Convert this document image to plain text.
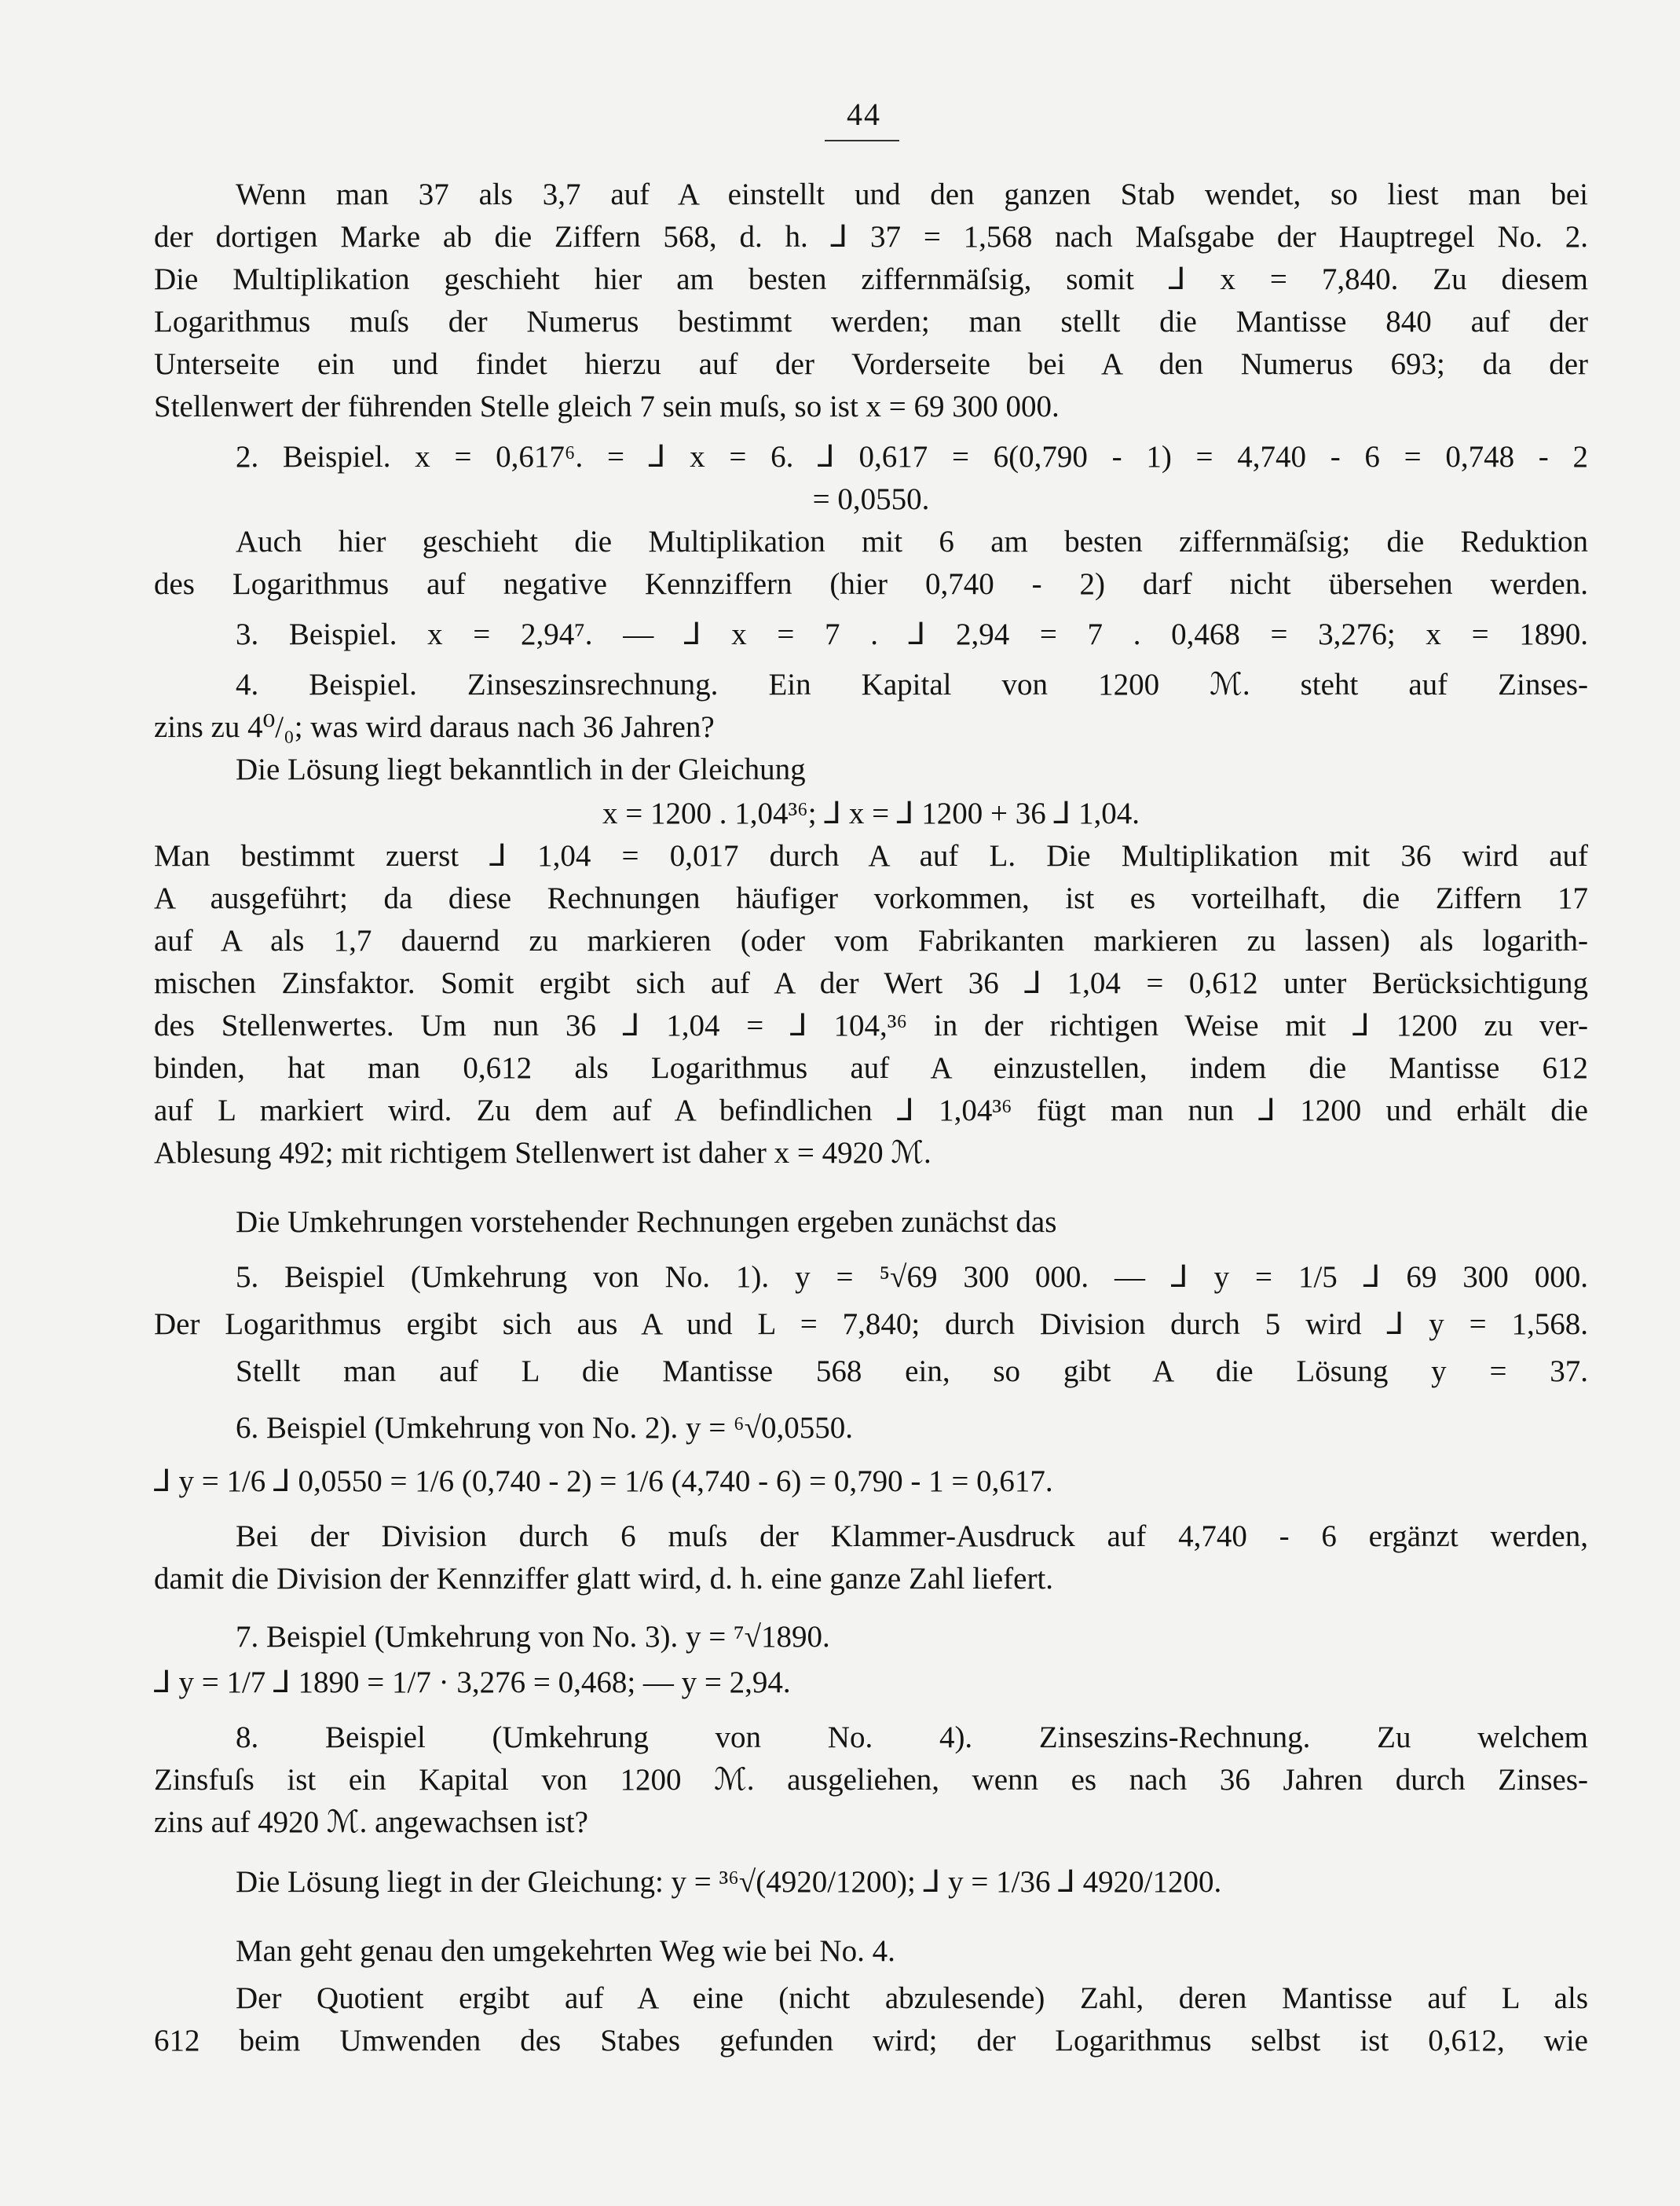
44
Wenn man 37 als 3,7 auf A einstellt und den ganzen Stab wendet, so liest man bei
der dortigen Marke ab die Ziffern 568, d. h. ⅃ 37 = 1,568 nach Maſsgabe der Hauptregel No. 2.
Die Multiplikation geschieht hier am besten ziffernmäſsig, somit ⅃ x = 7,840. Zu diesem
Logarithmus muſs der Numerus bestimmt werden; man stellt die Mantisse 840 auf der
Unterseite ein und findet hierzu auf der Vorderseite bei A den Numerus 693; da der
Stellenwert der führenden Stelle gleich 7 sein muſs, so ist x = 69 300 000.
2. Beispiel. x = 0,617⁶. = ⅃ x = 6. ⅃ 0,617 = 6(0,790 - 1) = 4,740 - 6 = 0,748 - 2
= 0,0550.
Auch hier geschieht die Multiplikation mit 6 am besten ziffernmäſsig; die Reduktion
des Logarithmus auf negative Kennziffern (hier 0,740 - 2) darf nicht übersehen werden.
3. Beispiel. x = 2,94⁷. — ⅃ x = 7 . ⅃ 2,94 = 7 . 0,468 = 3,276; x = 1890.
4. Beispiel. Zinseszinsrechnung. Ein Kapital von 1200 ℳ. steht auf Zinses-
zins zu 4⁰/₀; was wird daraus nach 36 Jahren?
Die Lösung liegt bekanntlich in der Gleichung
x = 1200 . 1,04³⁶; ⅃ x = ⅃ 1200 + 36 ⅃ 1,04.
Man bestimmt zuerst ⅃ 1,04 = 0,017 durch A auf L. Die Multiplikation mit 36 wird auf
A ausgeführt; da diese Rechnungen häufiger vorkommen, ist es vorteilhaft, die Ziffern 17
auf A als 1,7 dauernd zu markieren (oder vom Fabrikanten markieren zu lassen) als logarith-
mischen Zinsfaktor. Somit ergibt sich auf A der Wert 36 ⅃ 1,04 = 0,612 unter Berücksichtigung
des Stellenwertes. Um nun 36 ⅃ 1,04 = ⅃ 104,³⁶ in der richtigen Weise mit ⅃ 1200 zu ver-
binden, hat man 0,612 als Logarithmus auf A einzustellen, indem die Mantisse 612
auf L markiert wird. Zu dem auf A befindlichen ⅃ 1,04³⁶ fügt man nun ⅃ 1200 und erhält die
Ablesung 492; mit richtigem Stellenwert ist daher x = 4920 ℳ.
Die Umkehrungen vorstehender Rechnungen ergeben zunächst das
5. Beispiel (Umkehrung von No. 1). y = ⁵√69 300 000. — ⅃ y = 1/5 ⅃ 69 300 000.
Der Logarithmus ergibt sich aus A und L = 7,840; durch Division durch 5 wird ⅃ y = 1,568.
Stellt man auf L die Mantisse 568 ein, so gibt A die Lösung y = 37.
6. Beispiel (Umkehrung von No. 2). y = ⁶√0,0550.
⅃ y = 1/6 ⅃ 0,0550 = 1/6 (0,740 - 2) = 1/6 (4,740 - 6) = 0,790 - 1 = 0,617.
Bei der Division durch 6 muſs der Klammer-Ausdruck auf 4,740 - 6 ergänzt werden,
damit die Division der Kennziffer glatt wird, d. h. eine ganze Zahl liefert.
7. Beispiel (Umkehrung von No. 3). y = ⁷√1890.
⅃ y = 1/7 ⅃ 1890 = 1/7 · 3,276 = 0,468; — y = 2,94.
8. Beispiel (Umkehrung von No. 4). Zinseszins-Rechnung. Zu welchem
Zinsfuſs ist ein Kapital von 1200 ℳ. ausgeliehen, wenn es nach 36 Jahren durch Zinses-
zins auf 4920 ℳ. angewachsen ist?
Die Lösung liegt in der Gleichung: y = ³⁶√(4920/1200); ⅃ y = 1/36 ⅃ 4920/1200.
Man geht genau den umgekehrten Weg wie bei No. 4.
Der Quotient ergibt auf A eine (nicht abzulesende) Zahl, deren Mantisse auf L als
612 beim Umwenden des Stabes gefunden wird; der Logarithmus selbst ist 0,612, wie
